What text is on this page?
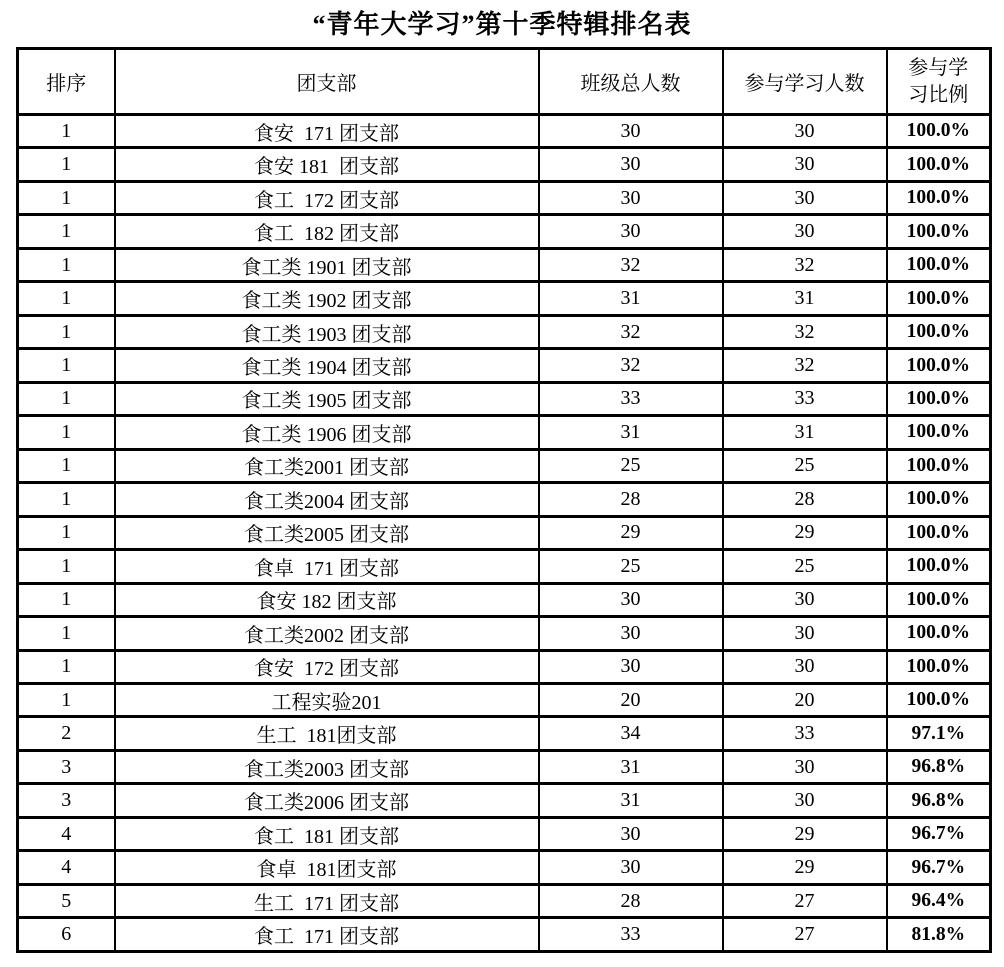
“青年大学习”第十季特辑排名表
排序	团支部	班级总人数	参与学习人数	参与学
习比例

1	食安  171 团支部	30	30	100.0%
1	食安 181  团支部	30	30	100.0%
1	食工  172 团支部	30	30	100.0%
1	食工  182 团支部	30	30	100.0%
1	食工类 1901 团支部	32	32	100.0%
1	食工类 1902 团支部	31	31	100.0%
1	食工类 1903 团支部	32	32	100.0%
1	食工类 1904 团支部	32	32	100.0%
1	食工类 1905 团支部	33	33	100.0%
1	食工类 1906 团支部	31	31	100.0%
1	食工类2001 团支部	25	25	100.0%
1	食工类2004 团支部	28	28	100.0%
1	食工类2005 团支部	29	29	100.0%
1	食卓  171 团支部	25	25	100.0%
1	食安 182 团支部	30	30	100.0%
1	食工类2002 团支部	30	30	100.0%
1	食安  172 团支部	30	30	100.0%
1	工程实验201	20	20	100.0%
2	生工  181团支部	34	33	97.1%
3	食工类2003 团支部	31	30	96.8%
3	食工类2006 团支部	31	30	96.8%
4	食工  181 团支部	30	29	96.7%
4	食卓  181团支部	30	29	96.7%
5	生工  171 团支部	28	27	96.4%
6	食工  171 团支部	33	27	81.8%
